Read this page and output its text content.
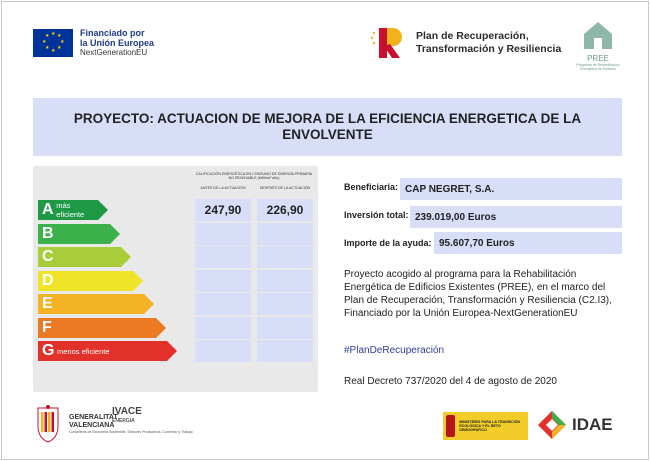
★ ★
★
★
★
★
★
★	Financiado por
la Unión Europea
NextGenerationEU
Plan de Recuperación,
Transformación y Resiliencia
PREE
Programa de Rehabilitación Energética de Edificios
PROYECTO: ACTUACION DE MEJORA DE LA EFICIENCIA ENERGETICA DE LA ENVOLVENTE
CALIFICACIÓN ENERGÉTICA EN CONSUMO DE ENERGÍA PRIMARIA NO RENOVABLE (kWh/m² año)
ANTES DE LA ACTUACIÓN	DESPUÉS DE LA ACTUACIÓN
A más eficiente	247,90	226,90
B
C
D
E
F
G menos eficiente
Beneficiaria: CAP NEGRET, S.A.
Inversión total: 239.019,00 Euros
Importe de la ayuda: 95.607,70 Euros
Proyecto acogido al programa para la Rehabilitación Energética de Edificios Existentes (PREE), en el marco del Plan de Recuperación, Transformación y Resiliencia (C2.I3), Financiado por la Unión Europea-NextGenerationEU
#PlanDeRecuperación
Real Decreto 737/2020 del 4 de agosto de 2020
GENERALITAT
VALENCIANA
Conselleria de Economía Sostenible, Sectores Productivos, Comercio y Trabajo
IVACE
ENERGIA	MINISTERIO PARA LA TRANSICIÓN ECOLÓGICA Y EL RETO DEMOGRÁFICO	IDAE
